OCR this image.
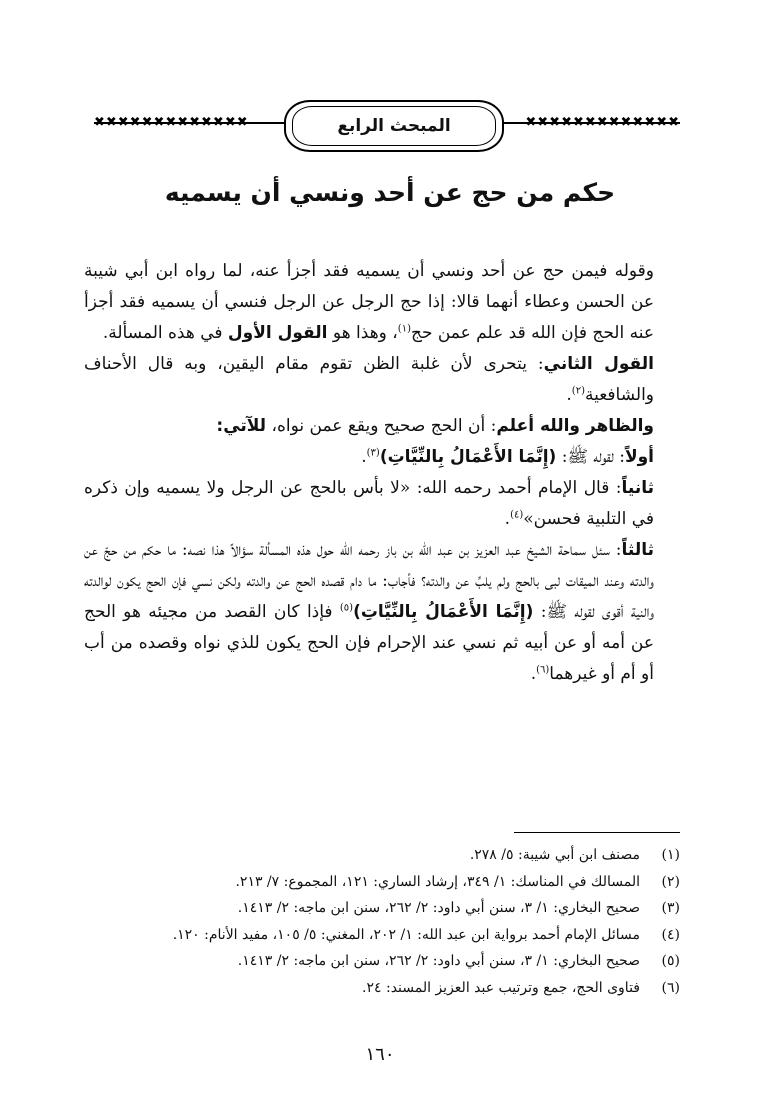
✖✖✖✖✖✖✖✖✖✖✖✖✖	✖✖✖✖✖✖✖✖✖✖✖✖✖
المبحث الرابع
حكم من حج عن أحد ونسي أن يسميه

وقوله فيمن حج عن أحد ونسي أن يسميه فقد أجزأ عنه، لما رواه ابن أبي شيبة عن الحسن وعطاء أنهما قالا: إذا حج الرجل عن الرجل فنسي أن يسميه فقد أجزأ عنه الحج فإن الله قد علم عمن حج$^{(١)}$، وهذا هو القول الأول في هذه المسألة.

القول الثاني: يتحرى لأن غلبة الظن تقوم مقام اليقين، وبه قال الأحناف والشافعية$^{(٢)}$.

والظاهر والله أعلم: أن الحج صحيح ويقع عمن نواه، للآتي:

أولاً: لقوله ﷺ: (إِنَّمَا الأَعْمَالُ بِالنِّيَّاتِ)$^{(٣)}$.

ثانياً: قال الإمام أحمد رحمه الله: «لا بأس بالحج عن الرجل ولا يسميه وإن ذكره في التلبية فحسن»$^{(٤)}$.

ثالثاً: سئل سماحة الشيخ عبد العزيز بن عبد الله بن باز رحمه الله حول هذه المسألة سؤالاً هذا نصه: ما حكم من حجّ عن والدته وعند الميقات لبى بالحج ولم يلبِّ عن والدته؟ فأجاب: ما دام قصده الحج عن والدته ولكن نسي فإن الحج يكون لوالدته والنية أقوى لقوله ﷺ: (إِنَّمَا الأَعْمَالُ بِالنِّيَّاتِ)$^{(٥)}$ فإذا كان القصد من مجيئه هو الحج عن أمه أو عن أبيه ثم نسي عند الإحرام فإن الحج يكون للذي نواه وقصده من أب أو أم أو غيرهما$^{(٦)}$.

(١)
مصنف ابن أبي شيبة: ٥/ ٢٧٨.
(٢)
المسالك في المناسك: ١/ ٣٤٩، إرشاد الساري: ١٢١، المجموع: ٧/ ٢١٣.
(٣)
صحيح البخاري: ١/ ٣، سنن أبي داود: ٢/ ٢٦٢، سنن ابن ماجه: ٢/ ١٤١٣.
(٤)
مسائل الإمام أحمد برواية ابن عبد الله: ١/ ٢٠٢، المغني: ٥/ ١٠٥، مفيد الأنام: ١٢٠.
(٥)
صحيح البخاري: ١/ ٣، سنن أبي داود: ٢/ ٢٦٢، سنن ابن ماجه: ٢/ ١٤١٣.
(٦)
فتاوى الحج، جمع وترتيب عبد العزيز المسند: ٢٤.
١٦٠
